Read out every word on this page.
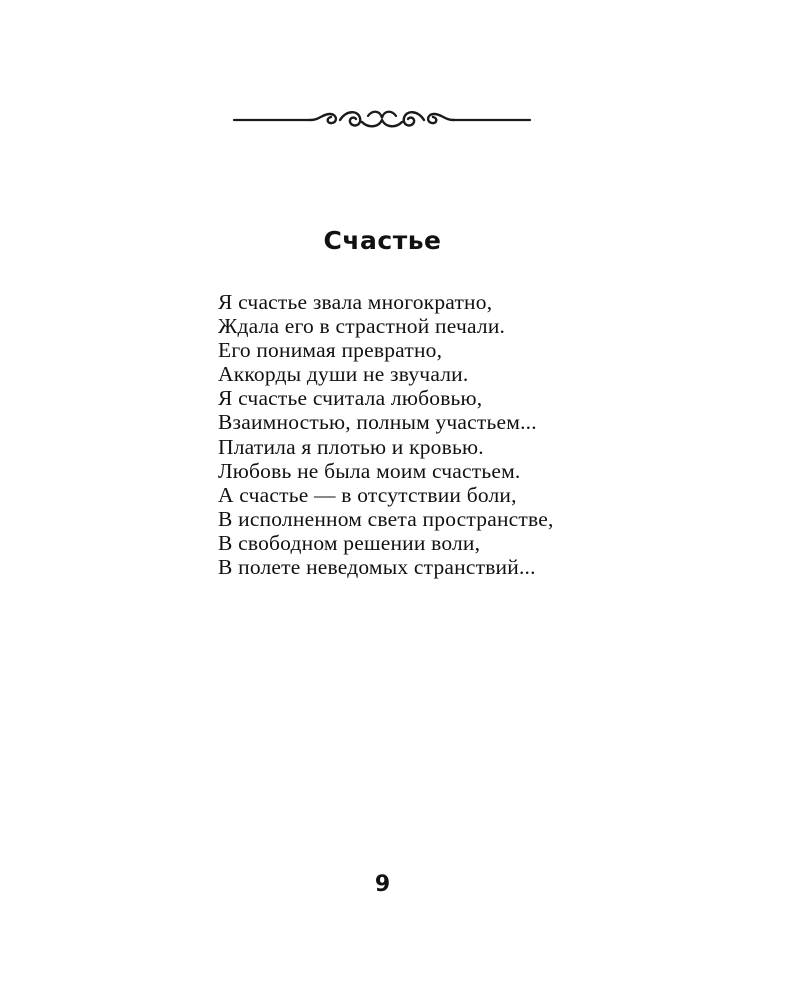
Счастье
Я счастье звала многократно,
Ждала его в страстной печали.
Его понимая превратно,
Аккорды души не звучали.
Я счастье считала любовью,
Взаимностью, полным участьем...
Платила я плотью и кровью.
Любовь не была моим счастьем.
А счастье — в отсутствии боли,
В исполненном света пространстве,
В свободном решении воли,
В полете неведомых странствий...
9
